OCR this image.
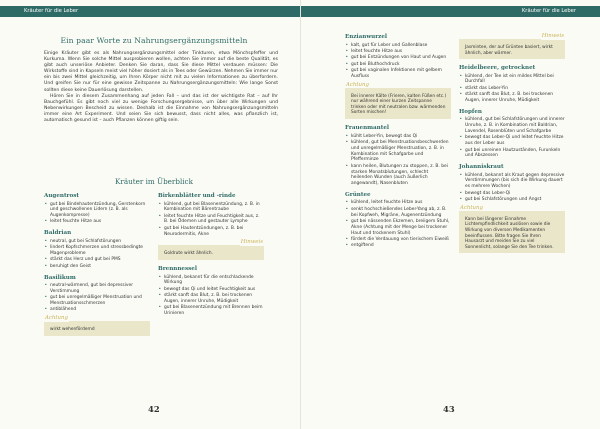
Kräuter für die Leber
Ein paar Worte zu Nahrungsergänzungsmitteln

Einige Kräuter gibt es als Nahrungsergänzungsmittel oder Tinkturen, etwa Mönchspfeffer und Kurkuma. Wenn Sie solche Mittel ausprobieren wollen, achten Sie immer auf die beste Qualität, es gibt auch unseriöse Anbieter. Denken Sie daran, dass Sie diese Mittel verdauen müssen: Die Wirkstoffe sind in Kapseln meist viel höher dosiert als in Tees oder Gewürzen. Nehmen Sie immer nur ein bis zwei Mittel gleichzeitig, um Ihren Körper nicht mit zu vielen Informationen zu überfordern. Und greifen Sie nur für eine gewisse Zeitspanne zu Nahrungsergänzungsmitteln: Wie lange Sonst sollten diese keine Dauerlösung darstellen.

Hören Sie in diesem Zusammenhang auf jeden Fall – und das ist der wichtigste Rat – auf Ihr Bauchgefühl. Es gibt noch viel zu wenige Forschungsergebnisse, um über alle Wirkungen und Nebenwirkungen Bescheid zu wissen. Deshalb ist die Einnahme von Nahrungsergänzungsmitteln immer eine Art Experiment. Und seien Sie sich bewusst, dass nicht alles, was pflanzlich ist, automatisch gesund ist – auch Pflanzen können giftig sein.

Kräuter im Überblick
Augentrost
• gut bei Bindehautentzündung, Gerstenkorn und geschwollenen Lidern (z. B. als Augenkompresse)
• leitet feuchte Hitze aus
Baldrian
• neutral, gut bei Schlafstörungen
• lindert Kopfschmerzen und stressbedingte Magenprobleme
• stärkt das Herz und gut bei PMS
• beruhigt den Geist
Basilikum
• neutral-wärmend, gut bei depressiver Verstimmung
• gut bei unregelmäßiger Menstruation und Menstruationsschmerzen
• antiblähend
Achtung
wirkt wehenfördernd
Birkenblätter und -rinde
• kühlend, gut bei Blasenentzündung, z. B. in Kombination mit Bärentraube
• leitet feuchte Hitze und Feuchtigkeit aus, z. B. bei Ödemen und gestauter Lymphe
• gut bei Hautentzündungen, z. B. bei Neurodermitis, Akne
Hinweis
Goldrute wirkt ähnlich.
Brennnessel
• kühlend, bekannt für die entschlackende Wirkung
• bewegt das Qi und leitet Feuchtigkeit aus
• stärkt sanft das Blut, z. B. bei trockenen Augen, innerer Unruhe, Müdigkeit
• gut bei Blasenentzündung mit Brennen beim Urinieren
42
Kräuter für die Leber
Enzianwurzel
• kalt, gut für Leber und Gallenblase
• leitet feuchte Hitze aus
• gut bei Entzündungen von Haut und Augen
• gut bei Bluthochdruck
• gut bei vaginalen Infektionen mit gelbem Ausfluss
Achtung
Bei innerer Kälte (Frieren, kalten Füßen etc.) nur während einer kurzen Zeitspanne trinken oder mit neutralen bzw. wärmenden Sorten mischen!
Frauenmantel
• kühlt Leber-Yin, bewegt das Qi
• kühlend, gut bei Menstruationsbeschwerden und unregelmäßiger Menstruation, z. B. in Kombination mit Schafgarbe und Pfefferminze
• kann heilen, Blutungen zu stoppen, z. B. bei starken Monatsblutungen, schlecht heilenden Wunden (auch äußerlich angewandt), Nasenbluten
Grüntee
• kühlend, leitet feuchte Hitze aus
• senkt hochschießendes Leber-Yang ab, z. B. bei Kopfweh, Migräne, Augenentzündung
• gut bei nässenden Ekzemen, breiigem Stuhl, Akne (Achtung mit der Menge bei trockener Haut und trockenem Stuhl)
• fördert die Verdauung von tierischem Eiweiß
• entgiftend
Hinweis
Jasmintee, der auf Grüntee basiert, wirkt ähnlich, aber wärmer.
Heidelbeere, getrocknet
• kühlend, der Tee ist ein mildes Mittel bei Durchfall
• stärkt das Leber-Yin
• stärkt sanft das Blut, z. B. bei trockenen Augen, innerer Unruhe, Müdigkeit
Hopfen
• kühlend, gut bei Schlafstörungen und innerer Unruhe, z. B. in Kombination mit Baldrian, Lavendel, Rosenblüten und Schafgarbe
• bewegt das Leber-Qi und leitet feuchte Hitze aus der Leber aus
• gut bei unreinen Hautzuständen, Furunkeln und Abszessen
Johanniskraut
• kühlend, bekannt als Kraut gegen depressive Verstimmungen (bis sich die Wirkung dauert es mehrere Wochen)
• bewegt das Leber-Qi
• gut bei Schlafstörungen und Angst
Achtung
Kann bei längerer Einnahme Lichtempfindlichkeit auslösen sowie die Wirkung von diversen Medikamenten beeinflussen. Bitte fragen Sie Ihren Hausarzt und meiden Sie zu viel Sonnenlicht, solange Sie den Tee trinken.
43
